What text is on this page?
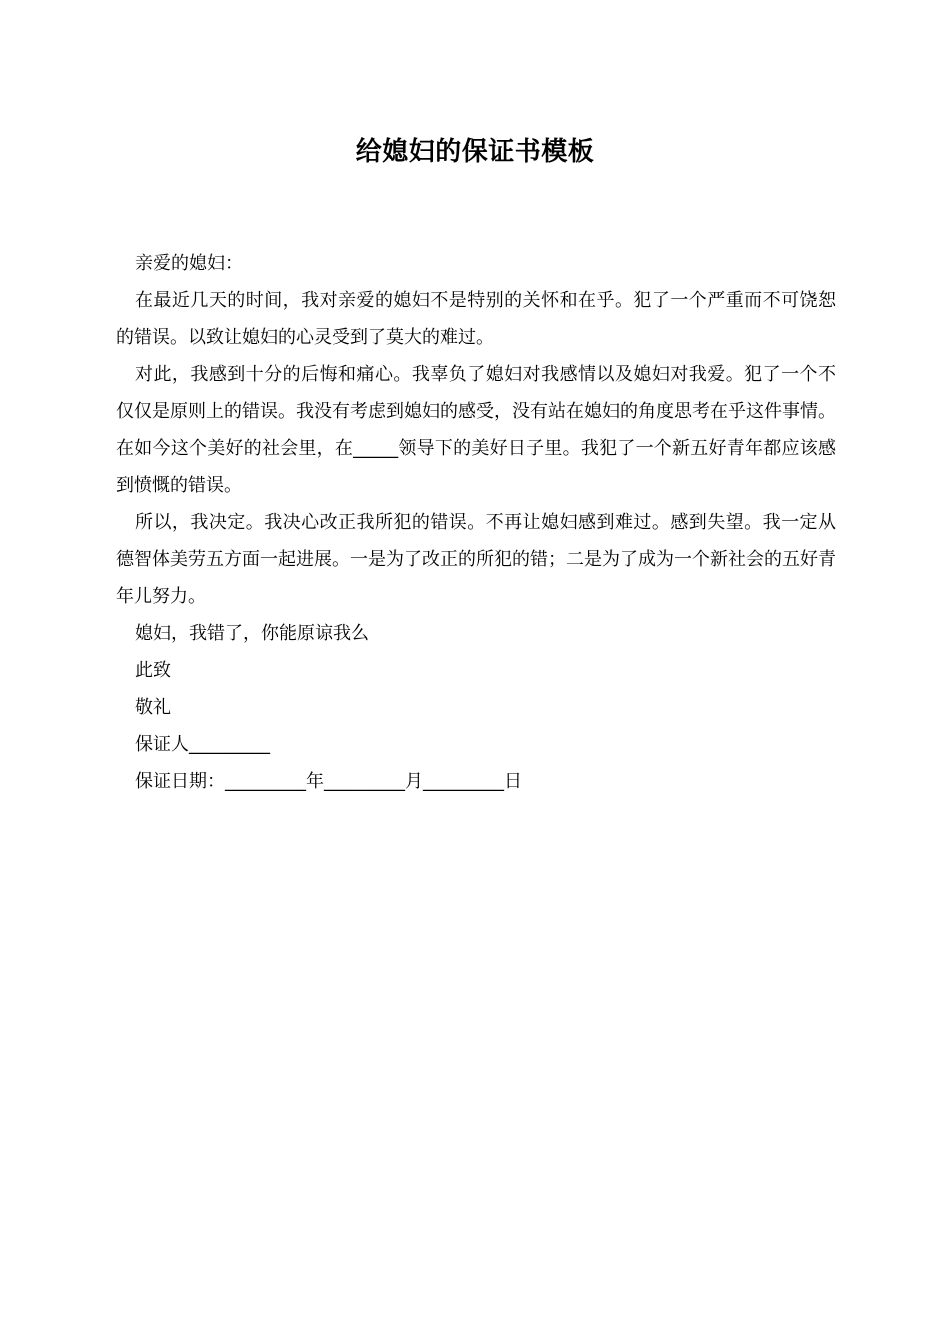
给媳妇的保证书模板

亲爱的媳妇：

在最近几天的时间，我对亲爱的媳妇不是特别的关怀和在乎。犯了一个严重而不可饶恕的错误。以致让媳妇的心灵受到了莫大的难过。

对此，我感到十分的后悔和痛心。我辜负了媳妇对我感情以及媳妇对我爱。犯了一个不仅仅是原则上的错误。我没有考虑到媳妇的感受，没有站在媳妇的角度思考在乎这件事情。在如今这个美好的社会里，在_____领导下的美好日子里。我犯了一个新五好青年都应该感到愤慨的错误。

所以，我决定。我决心改正我所犯的错误。不再让媳妇感到难过。感到失望。我一定从德智体美劳五方面一起进展。一是为了改正的所犯的错；二是为了成为一个新社会的五好青年儿努力。

媳妇，我错了，你能原谅我么

此致

敬礼

保证人_________

保证日期：_________年_________月_________日
